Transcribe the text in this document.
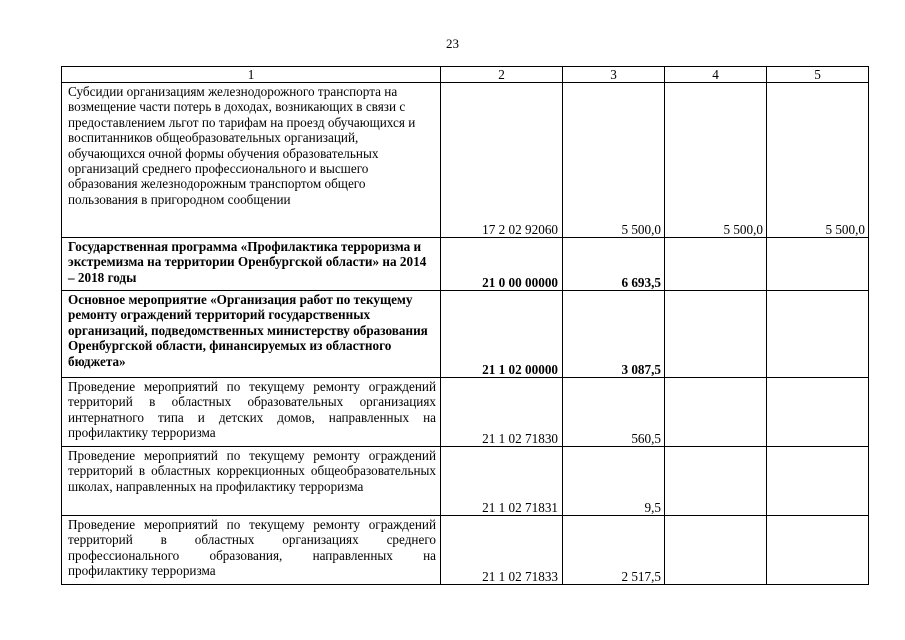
23
1	2	3	4	5
Субсидии организациям железнодорожного транспорта на возмещение части потерь в доходах, возникающих в связи с предоставлением льгот по тарифам на проезд обучающихся и воспитанников общеобразовательных организаций, обучающихся очной формы обучения образовательных организаций среднего профессионального и высшего образования железнодорожным транспортом общего пользования в пригородном сообщении	17 2 02 92060	5 500,0	5 500,0	5 500,0
Государственная программа «Профилактика терроризма и экстремизма на территории Оренбургской области» на 2014 – 2018 годы	21 0 00 00000	6 693,5		
Основное мероприятие «Организация работ по текущему ремонту ограждений территорий государственных организаций, подведомственных министерству образования Оренбургской области, финансируемых из областного бюджета»	21 1 02 00000	3 087,5		
Проведение мероприятий по текущему ремонту ограждений территорий в областных образовательных организациях интернатного типа и детских домов, направленных на профилактику терроризма	21 1 02 71830	560,5		
Проведение мероприятий по текущему ремонту ограждений территорий в областных коррекционных общеобразовательных школах, направленных на профилактику терроризма	21 1 02 71831	9,5		
Проведение мероприятий по текущему ремонту ограждений территорий в областных организациях среднего профессионального образования, направленных на профилактику терроризма	21 1 02 71833	2 517,5		
